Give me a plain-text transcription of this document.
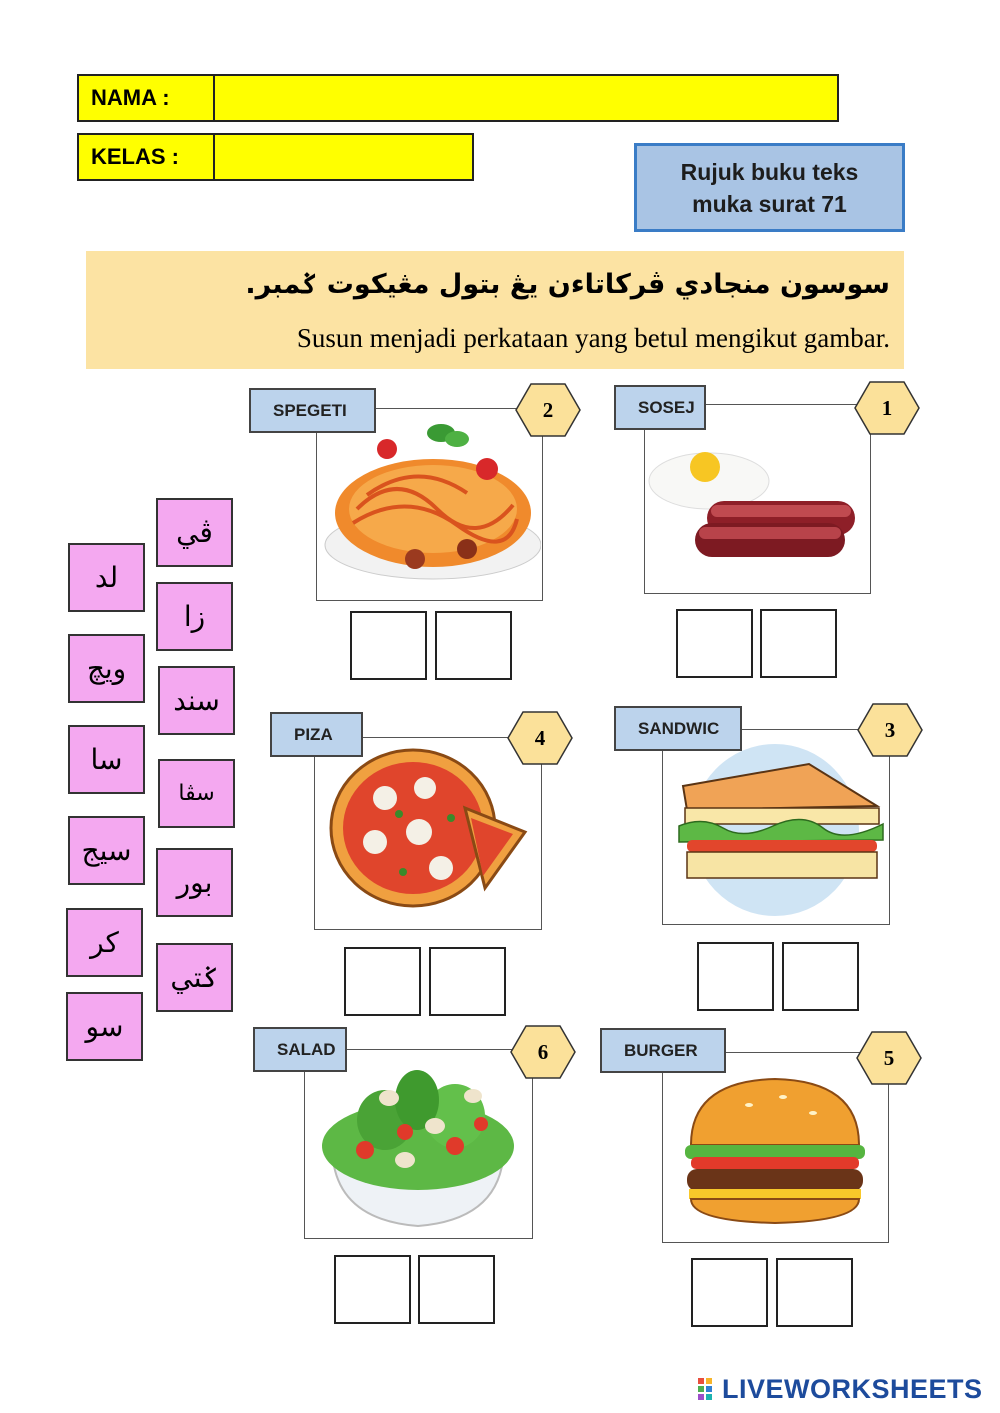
NAMA :
KELAS :
Rujuk buku teks
muka surat 71
سوسون منجادي ڤركاتاءن يڠ بتول مڠيکوت ݢمبر.
Susun menjadi perkataan yang betul mengikut gambar.
لد
ويچ
سا
سيج
کر
سو
ڤي
زا
سند
سڤا
بور
ݢتي
SOSEJ	1
SPEGETI	2
SANDWIC	3
PIZA	4
BURGER	5
SALAD	6
LIVEWORKSHEETS
